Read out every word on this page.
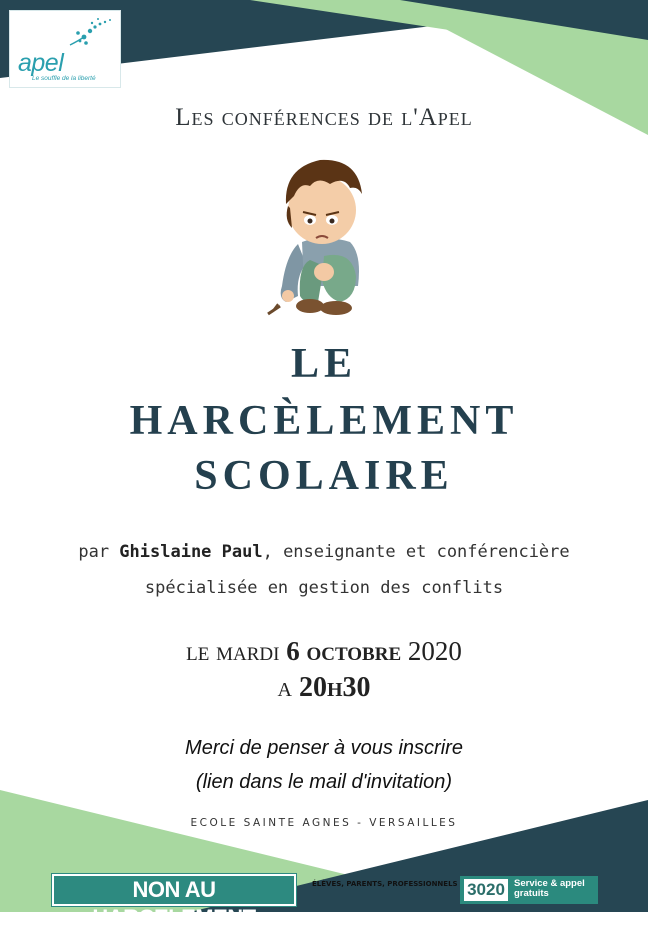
apel
Le souffle de la liberté
Les conférences de l'Apel
LE
HARCÈLEMENT
SCOLAIRE
par Ghislaine Paul, enseignante et conférencière
spécialisée en gestion des conflits
le mardi 6 octobre 2020
a 20h30
Merci de penser à vous inscrire
(lien dans le mail d'invitation)
ECOLE SAINTE AGNES - VERSAILLES
NON AU HARCELEMENT
ÉLÈVES, PARENTS, PROFESSIONNELS 3020 Service & appel gratuits
